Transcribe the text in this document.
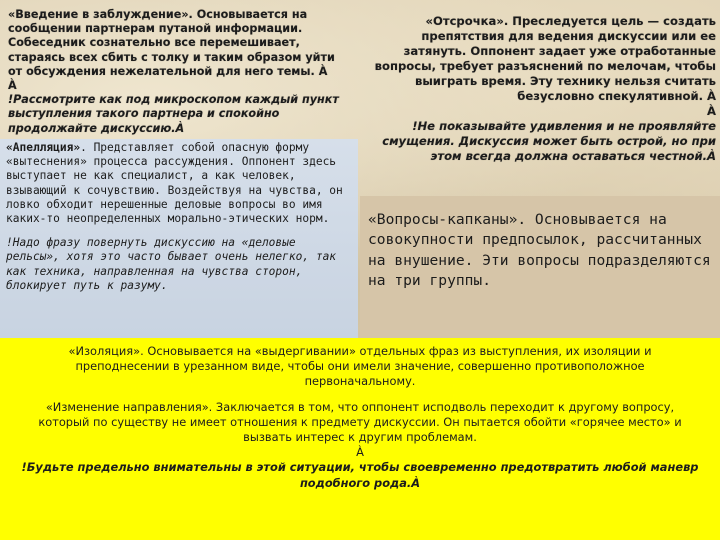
«Введение в заблуждение». Основывается на сообщении партнерам путаной информации. Собеседник сознательно все перемешивает, стараясь всех сбить с толку и таким образом уйти от обсуждения нежелательной для него темы. À
À
!Рассмотрите как под микроскопом каждый пункт выступления такого партнера и спокойно продолжайте дискуссию.À
«Отсрочка». Преследуется цель — создать препятствия для ведения дискуссии или ее затянуть. Оппонент задает уже отработанные вопросы, требует разъяснений по мелочам, чтобы выиграть время. Эту технику нельзя считать безусловно спекулятивной. À
À
!Не показывайте удивления и не проявляйте смущения. Дискуссия может быть острой, но при этом всегда должна оставаться честной.À

«Апелляция». Представляет собой опасную форму «вытеснения» процесса рассуждения. Оппонент здесь выступает не как специалист, а как человек, взывающий к сочувствию. Воздействуя на чувства, он ловко обходит нерешенные деловые вопросы во имя каких-то неопределенных морально-этических норм.

!Надо фразу повернуть дискуссию на «деловые рельсы», хотя это часто бывает очень нелегко, так как техника, направленная на чувства сторон, блокирует путь к разуму.

«Вопросы-капканы». Основывается на совокупности предпосылок, рассчитанных на внушение. Эти вопросы подразделяются на три группы.

«Изоляция». Основывается на «выдергивании» отдельных фраз из выступления, их изоляции и преподнесении в урезанном виде, чтобы они имели значение, совершенно противоположное первоначальному.

«Изменение направления». Заключается в том, что оппонент исподволь переходит к другому вопросу, который по существу не имеет отношения к предмету дискуссии. Он пытается обойти «горячее место» и вызвать интерес к другим проблемам.

À

!Будьте предельно внимательны в этой ситуации, чтобы своевременно предотвратить любой маневр подобного рода.À
